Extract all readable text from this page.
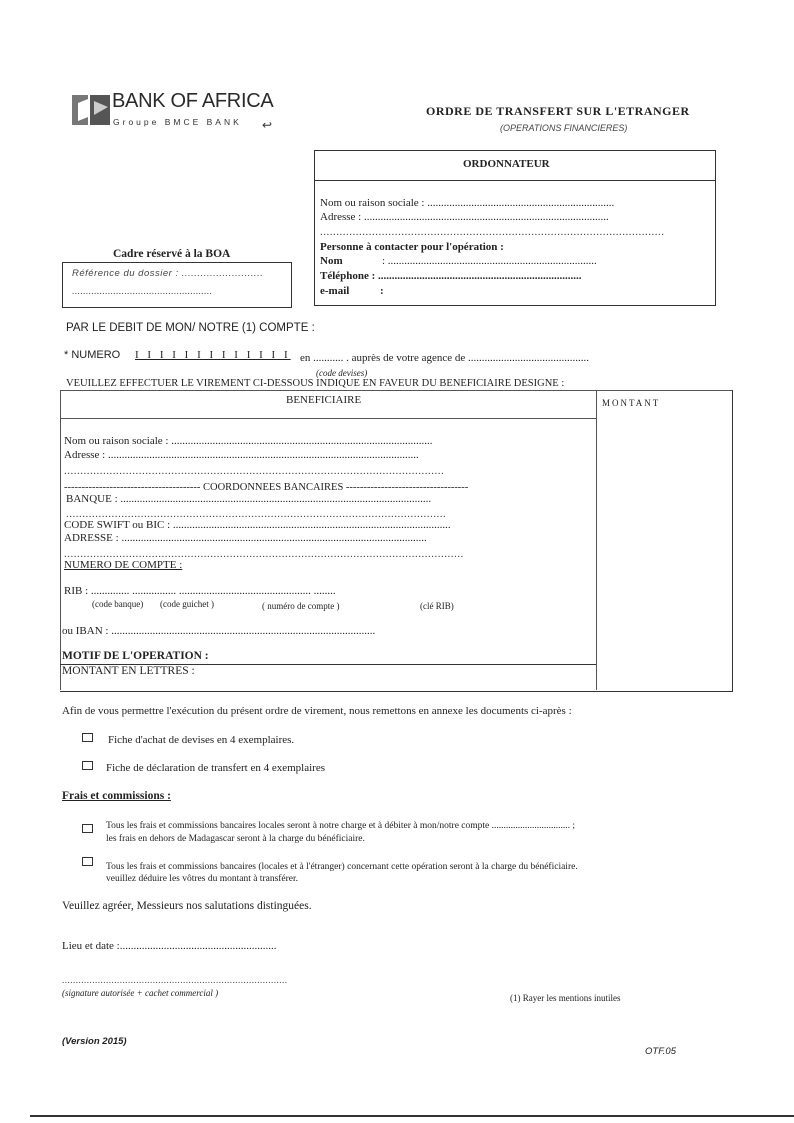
BANK OF AFRICA
Groupe BMCE BANK ↩
ORDRE DE TRANSFERT SUR L'ETRANGER
(OPERATIONS FINANCIERES)
Cadre réservé à la BOA
Référence du dossier : ..........................
...................................................
ORDONNATEUR
Nom ou raison sociale : ....................................................................
Adresse : .........................................................................................
..........................................................................................................
Personne à contacter pour l'opération :
Nom	: ............................................................................
Téléphone : ..........................................................................
e-mail	:
PAR LE DEBIT DE MON/ NOTRE (1) COMPTE :
* NUMERO I I I I I I I I I I I I I en ........... . auprès de votre agence de ............................................
(code devises)
VEUILLEZ EFFECTUER LE VIREMENT CI-DESSOUS INDIQUE EN FAVEUR DU BENEFICIAIRE DESIGNE :
BENEFICIAIRE	MONTANT
Nom ou raison sociale : ...............................................................................................
Adresse : .................................................................................................................
.....................................................................................................................
--------------------------------------- COORDONNEES BANCAIRES -----------------------------------
BANQUE : .................................................................................................................
.....................................................................................................................
CODE SWIFT ou BIC : .....................................................................................................
ADRESSE : ...............................................................................................................
...........................................................................................................................
NUMERO DE COMPTE :
RIB : .............. ................ ................................................ ........
(code banque) (code guichet )	( numéro de compte )	(clé RIB)
ou IBAN : ................................................................................................
MOTIF DE L'OPERATION :
MONTANT EN LETTRES :
Afin de vous permettre l'exécution du présent ordre de virement, nous remettons en annexe les documents ci-après :
Fiche d'achat de devises en 4 exemplaires.
Fiche de déclaration de transfert en 4 exemplaires
Frais et commissions :
Tous les frais et commissions bancaires locales seront à notre charge et à débiter à mon/notre compte ................................. ;
les frais en dehors de Madagascar seront à la charge du bénéficiaire.
Tous les frais et commissions bancaires (locales et à l'étranger) concernant cette opération seront à la charge du bénéficiaire.
veuillez déduire les vôtres du montant à transférer.
Veuillez agréer, Messieurs nos salutations distinguées.
Lieu et date :.........................................................
..................................................................................
(signature autorisée + cachet commercial )	(1) Rayer les mentions inutiles
(Version 2015)
OTF.05
